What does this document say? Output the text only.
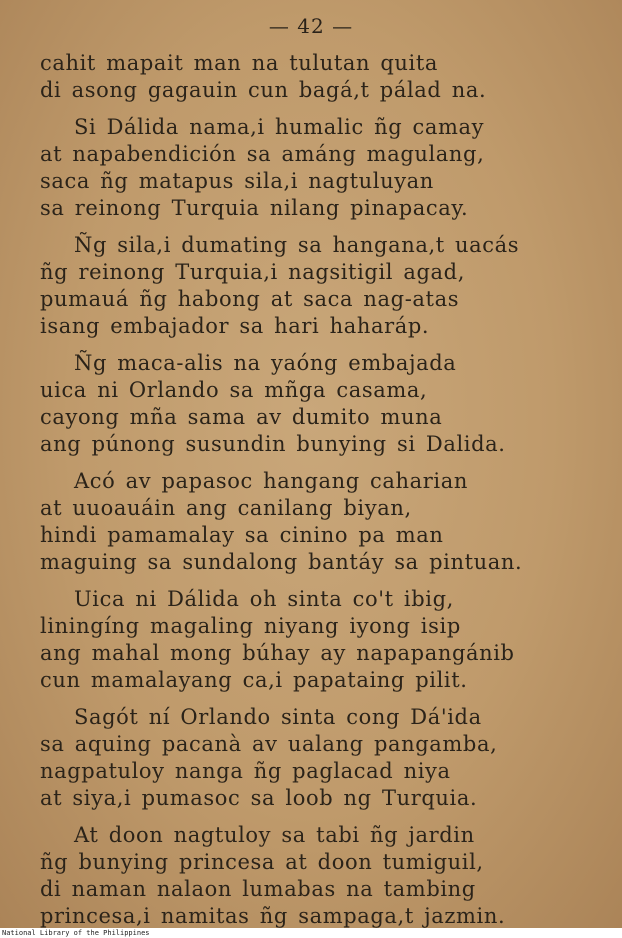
— 42 —
cahit mapait man na tulutan quita
di asong gagauin cun bagá,t pálad na.
Si Dálida nama,i humalic ñg camay
at napabendición sa amáng magulang,
saca ñg matapus sila,i nagtuluyan
sa reinong Turquia nilang pinapacay.
Ñg sila,i dumating sa hangana,t uacás
ñg reinong Turquia,i nagsitigil agad,
pumauá ñg habong at saca nag-atas
isang embajador sa hari haharáp.
Ñg maca-alis na yaóng embajada
uica ni Orlando sa mñga casama,
cayong mña sama av dumito muna
ang púnong susundin bunying si Dalida.
Acó av papasoc hangang caharian
at uuoauáin ang canilang biyan,
hindi pamamalay sa cinino pa man
maguing sa sundalong bantáy sa pintuan.
Uica ni Dálida oh sinta co't ibig,
liningíng magaling niyang iyong isip
ang mahal mong búhay ay napapangánib
cun mamalayang ca,i papataing pilit.
Sagót ní Orlando sinta cong Dá'ida
sa aquing pacanà av ualang pangamba,
nagpatuloy nanga ñg paglacad niya
at siya,i pumasoc sa loob ng Turquia.
At doon nagtuloy sa tabi ñg jardin
ñg bunying princesa at doon tumiguil,
di naman nalaon lumabas na tambing
princesa,i namitas ñg sampaga,t jazmin.
National Library of the Philippines
